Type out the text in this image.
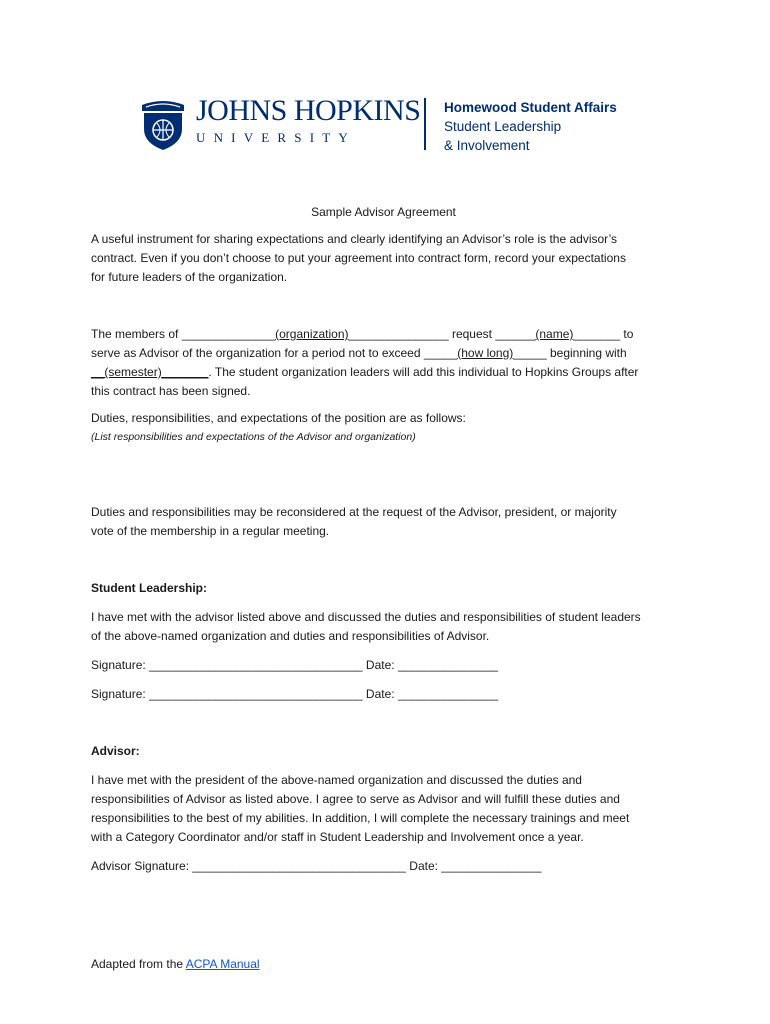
JOHNS HOPKINS
UNIVERSITY
Homewood Student Affairs
Student Leadership
& Involvement

Sample Advisor Agreement

A useful instrument for sharing expectations and clearly identifying an Advisor’s role is the advisor’s

contract. Even if you don’t choose to put your agreement into contract form, record your expectations

for future leaders of the organization.

The members of ______________(organization)_______________ request ______(name)_______ to

serve as Advisor of the organization for a period not to exceed _____(how long)_____ beginning with

__(semester)_______. The student organization leaders will add this individual to Hopkins Groups after

this contract has been signed.

Duties, responsibilities, and expectations of the position are as follows:

(List responsibilities and expectations of the Advisor and organization)

Duties and responsibilities may be reconsidered at the request of the Advisor, president, or majority

vote of the membership in a regular meeting.

Student Leadership:

I have met with the advisor listed above and discussed the duties and responsibilities of student leaders

of the above-named organization and duties and responsibilities of Advisor.

Signature: ________________________________ Date: _______________

Signature: ________________________________ Date: _______________

Advisor:

I have met with the president of the above-named organization and discussed the duties and

responsibilities of Advisor as listed above. I agree to serve as Advisor and will fulfill these duties and

responsibilities to the best of my abilities. In addition, I will complete the necessary trainings and meet

with a Category Coordinator and/or staff in Student Leadership and Involvement once a year.

Advisor Signature: ________________________________ Date: _______________

Adapted from the ACPA Manual
